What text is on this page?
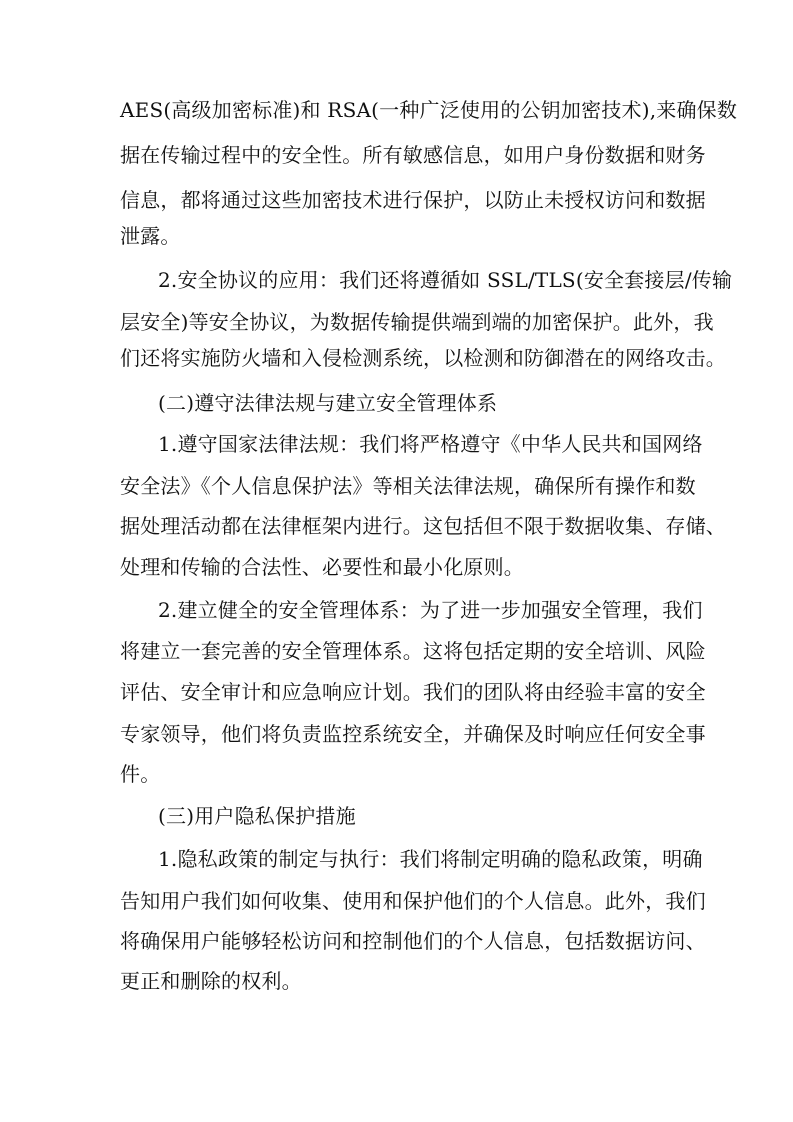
AES(高级加密标准)和 RSA(一种广泛使用的公钥加密技术),来确保数
据在传输过程中的安全性。所有敏感信息，如用户身份数据和财务
信息，都将通过这些加密技术进行保护，以防止未授权访问和数据
泄露。
2.安全协议的应用：我们还将遵循如 SSL/TLS(安全套接层/传输
层安全)等安全协议，为数据传输提供端到端的加密保护。此外，我
们还将实施防火墙和入侵检测系统，以检测和防御潜在的网络攻击。
(二)遵守法律法规与建立安全管理体系
1.遵守国家法律法规：我们将严格遵守《中华人民共和国网络
安全法》《个人信息保护法》等相关法律法规，确保所有操作和数
据处理活动都在法律框架内进行。这包括但不限于数据收集、存储、
处理和传输的合法性、必要性和最小化原则。
2.建立健全的安全管理体系：为了进一步加强安全管理，我们
将建立一套完善的安全管理体系。这将包括定期的安全培训、风险
评估、安全审计和应急响应计划。我们的团队将由经验丰富的安全
专家领导，他们将负责监控系统安全，并确保及时响应任何安全事
件。
(三)用户隐私保护措施
1.隐私政策的制定与执行：我们将制定明确的隐私政策，明确
告知用户我们如何收集、使用和保护他们的个人信息。此外，我们
将确保用户能够轻松访问和控制他们的个人信息，包括数据访问、
更正和删除的权利。
